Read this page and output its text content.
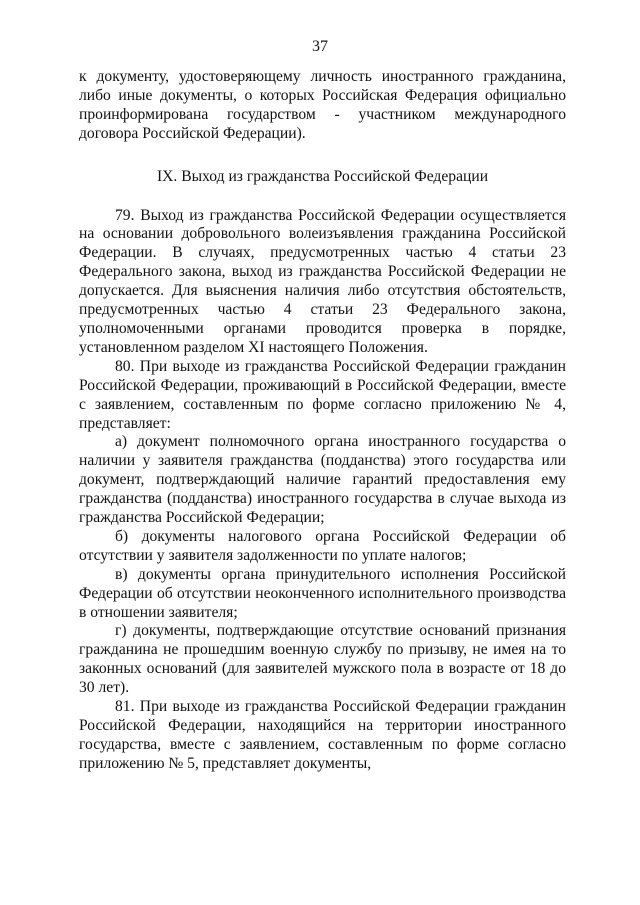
37

к документу, удостоверяющему личность иностранного гражданина, либо иные документы, о которых Российская Федерация официально проинформирована государством - участником международного договора Российской Федерации).

IX. Выход из гражданства Российской Федерации

79. Выход из гражданства Российской Федерации осуществляется на основании добровольного волеизъявления гражданина Российской Федерации. В случаях, предусмотренных частью 4 статьи 23 Федерального закона, выход из гражданства Российской Федерации не допускается. Для выяснения наличия либо отсутствия обстоятельств, предусмотренных частью 4 статьи 23 Федерального закона, уполномоченными органами проводится проверка в порядке, установленном разделом XI настоящего Положения.

80. При выходе из гражданства Российской Федерации гражданин Российской Федерации, проживающий в Российской Федерации, вместе с заявлением, составленным по форме согласно приложению № 4, представляет:

а) документ полномочного органа иностранного государства о наличии у заявителя гражданства (подданства) этого государства или документ, подтверждающий наличие гарантий предоставления ему гражданства (подданства) иностранного государства в случае выхода из гражданства Российской Федерации;

б) документы налогового органа Российской Федерации об отсутствии у заявителя задолженности по уплате налогов;

в) документы органа принудительного исполнения Российской Федерации об отсутствии неоконченного исполнительного производства в отношении заявителя;

г) документы, подтверждающие отсутствие оснований признания гражданина не прошедшим военную службу по призыву, не имея на то законных оснований (для заявителей мужского пола в возрасте от 18 до 30 лет).

81. При выходе из гражданства Российской Федерации гражданин Российской Федерации, находящийся на территории иностранного государства, вместе с заявлением, составленным по форме согласно приложению № 5, представляет документы,
